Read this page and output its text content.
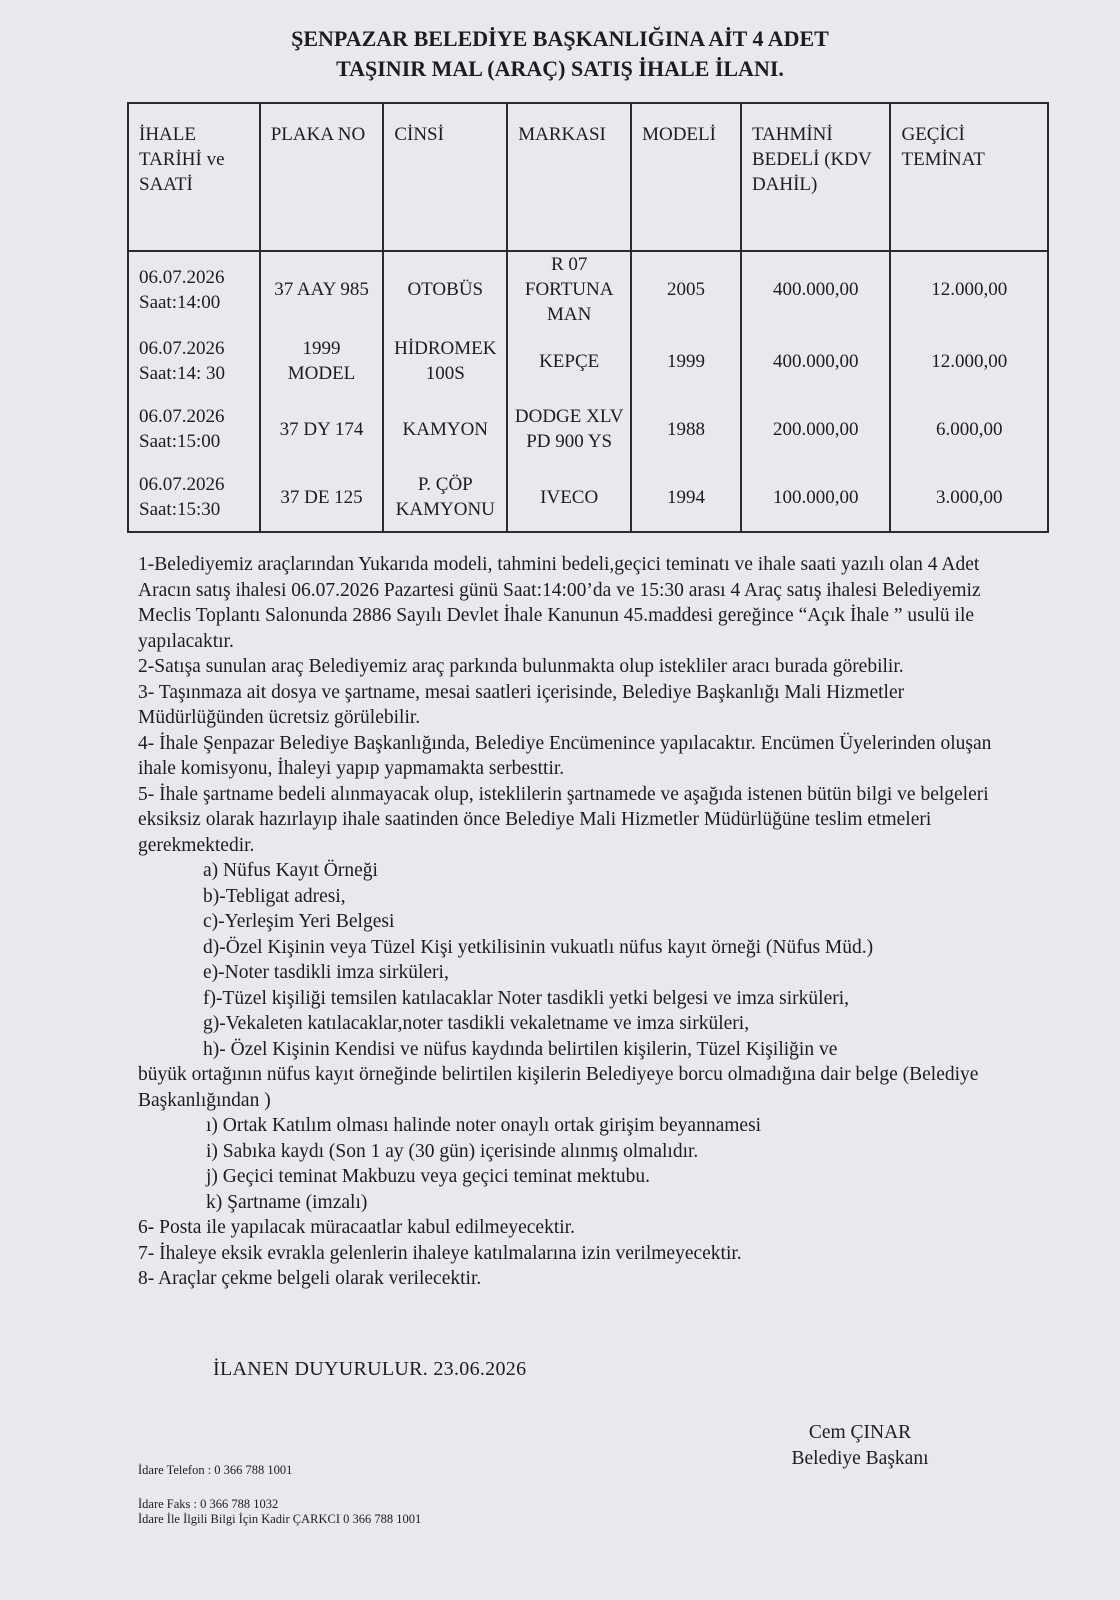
ŞENPAZAR BELEDİYE BAŞKANLIĞINA AİT 4 ADET
TAŞINIR MAL (ARAÇ) SATIŞ İHALE İLANI.
İHALE TARİHİ ve SAATİ	PLAKA NO	CİNSİ	MARKASI	MODELİ	TAHMİNİ BEDELİ (KDV DAHİL)	GEÇİCİ TEMİNAT

06.07.2026
Saat:14:00	37 AAY 985	OTOBÜS	R 07 FORTUNA MAN	2005	400.000,00	12.000,00

06.07.2026
Saat:14: 30	1999 MODEL	HİDROMEK 100S	KEPÇE	1999	400.000,00	12.000,00

06.07.2026
Saat:15:00	37 DY 174	KAMYON	DODGE XLV PD 900 YS	1988	200.000,00	6.000,00

06.07.2026
Saat:15:30	37 DE 125	P. ÇÖP KAMYONU	IVECO	1994	100.000,00	3.000,00

1-Belediyemiz araçlarından Yukarıda modeli, tahmini bedeli,geçici teminatı ve ihale saati yazılı olan 4 Adet Aracın satış ihalesi 06.07.2026 Pazartesi günü Saat:14:00’da ve 15:30 arası 4 Araç satış ihalesi Belediyemiz Meclis Toplantı Salonunda 2886 Sayılı Devlet İhale Kanunun 45.maddesi gereğince “Açık İhale ” usulü ile yapılacaktır.

2-Satışa sunulan araç Belediyemiz araç parkında bulunmakta olup istekliler aracı burada görebilir.

3- Taşınmaza ait dosya ve şartname, mesai saatleri içerisinde, Belediye Başkanlığı Mali Hizmetler Müdürlüğünden ücretsiz görülebilir.

4- İhale Şenpazar Belediye Başkanlığında, Belediye Encümenince yapılacaktır. Encümen Üyelerinden oluşan ihale komisyonu, İhaleyi yapıp yapmamakta serbesttir.

5- İhale şartname bedeli alınmayacak olup, isteklilerin şartnamede ve aşağıda istenen bütün bilgi ve belgeleri eksiksiz olarak hazırlayıp ihale saatinden önce Belediye Mali Hizmetler Müdürlüğüne teslim etmeleri gerekmektedir.

a) Nüfus Kayıt Örneği

b)-Tebligat adresi,

c)-Yerleşim Yeri Belgesi

d)-Özel Kişinin veya Tüzel Kişi yetkilisinin vukuatlı nüfus kayıt örneği (Nüfus Müd.)

e)-Noter tasdikli imza sirküleri,

f)-Tüzel kişiliği temsilen katılacaklar Noter tasdikli yetki belgesi ve imza sirküleri,

g)-Vekaleten katılacaklar,noter tasdikli vekaletname ve imza sirküleri,

h)- Özel Kişinin Kendisi ve nüfus kaydında belirtilen kişilerin, Tüzel Kişiliğin ve

büyük ortağının nüfus kayıt örneğinde belirtilen kişilerin Belediyeye borcu olmadığına dair belge (Belediye Başkanlığından )

ı) Ortak Katılım olması halinde noter onaylı ortak girişim beyannamesi

i) Sabıka kaydı (Son 1 ay (30 gün) içerisinde alınmış olmalıdır.

j) Geçici teminat Makbuzu veya geçici teminat mektubu.

k) Şartname (imzalı)

6- Posta ile yapılacak müracaatlar kabul edilmeyecektir.

7- İhaleye eksik evrakla gelenlerin ihaleye katılmalarına izin verilmeyecektir.

8- Araçlar çekme belgeli olarak verilecektir.

İLANEN DUYURULUR. 23.06.2026
Cem ÇINAR
Belediye Başkanı
İdare Telefon : 0 366 788 1001
İdare Faks : 0 366 788 1032
İdare İle İlgili Bilgi İçin Kadir ÇARKCI 0 366 788 1001
